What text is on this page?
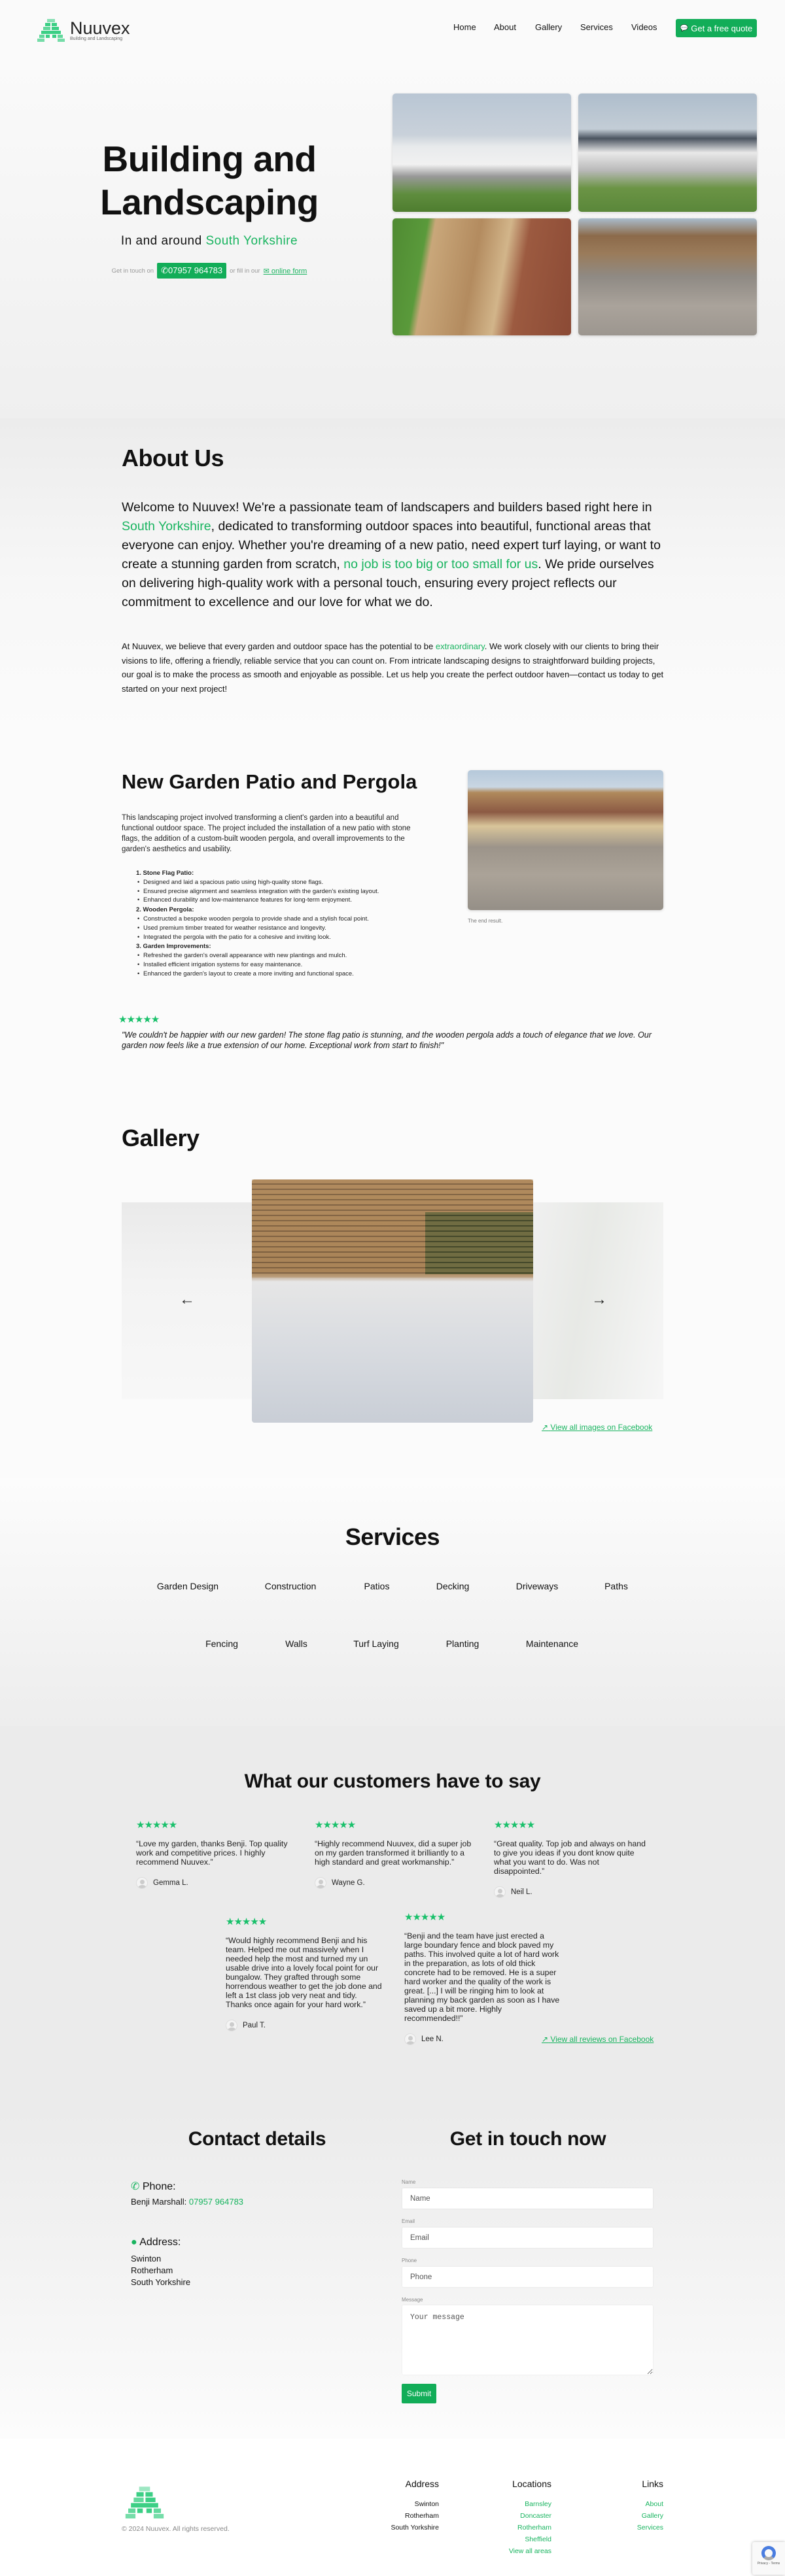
Nuuvex
Building and Landscaping
Home About Gallery Services Videos	💬 Get a free quote
Building and
Landscaping
In and around South Yorkshire
Get in touch on ✆07957 964783	or fill in our ✉ online form
About Us

Welcome to Nuuvex! We're a passionate team of landscapers and builders based right here in South Yorkshire, dedicated to transforming outdoor spaces into beautiful, functional areas that everyone can enjoy. Whether you're dreaming of a new patio, need expert turf laying, or want to create a stunning garden from scratch, no job is too big or too small for us. We pride ourselves on delivering high-quality work with a personal touch, ensuring every project reflects our commitment to excellence and our love for what we do.

At Nuuvex, we believe that every garden and outdoor space has the potential to be extraordinary. We work closely with our clients to bring their visions to life, offering a friendly, reliable service that you can count on. From intricate landscaping designs to straightforward building projects, our goal is to make the process as smooth and enjoyable as possible. Let us help you create the perfect outdoor haven—contact us today to get started on your next project!

New Garden Patio and Pergola

This landscaping project involved transforming a client's garden into a beautiful and functional outdoor space. The project included the installation of a new patio with stone flags, the addition of a custom-built wooden pergola, and overall improvements to the garden's aesthetics and usability.

1. Stone Flag Patio:
• Designed and laid a spacious patio using high-quality stone flags.
• Ensured precise alignment and seamless integration with the garden's existing layout.
• Enhanced durability and low-maintenance features for long-term enjoyment.
2. Wooden Pergola:
• Constructed a bespoke wooden pergola to provide shade and a stylish focal point.
• Used premium timber treated for weather resistance and longevity.
• Integrated the pergola with the patio for a cohesive and inviting look.
3. Garden Improvements:
• Refreshed the garden's overall appearance with new plantings and mulch.
• Installed efficient irrigation systems for easy maintenance.
• Enhanced the garden's layout to create a more inviting and functional space.
The end result.
★★★★★

"We couldn't be happier with our new garden! The stone flag patio is stunning, and the wooden pergola adds a touch of elegance that we love. Our garden now feels like a true extension of our home. Exceptional work from start to finish!"

Gallery
←	→
↗ View all images on Facebook
Services
Garden Design	Construction	Patios	Decking	Driveways	Paths
Fencing	Walls	Turf Laying	Planting	Maintenance
What our customers have to say
★★★★★

“Love my garden, thanks Benji. Top quality work and competitive prices. I highly recommend Nuuvex.”

Gemma L.
★★★★★

“Highly recommend Nuuvex, did a super job on my garden transformed it brilliantly to a high standard and great workmanship.”

Wayne G.
★★★★★

“Great quality. Top job and always on hand to give you ideas if you dont know quite what you want to do. Was not disappointed.”

Neil L.
★★★★★

“Would highly recommend Benji and his team. Helped me out massively when I needed help the most and turned my un usable drive into a lovely focal point for our bungalow. They grafted through some horrendous weather to get the job done and left a 1st class job very neat and tidy. Thanks once again for your hard work.”

Paul T.
★★★★★

“Benji and the team have just erected a large boundary fence and block paved my paths. This involved quite a lot of hard work in the preparation, as lots of old thick concrete had to be removed. He is a super hard worker and the quality of the work is great. [...] I will be ringing him to look at planning my back garden as soon as I have saved up a bit more. Highly recommended!!”

Lee N.	↗ View all reviews on Facebook
Contact details
✆ Phone:
Benji Marshall: 07957 964783
● Address:
Swinton
Rotherham
South Yorkshire
Get in touch now
Name
Name
Email
Email
Phone
Phone
Message
Your message
Submit
© 2024 Nuuvex. All rights reserved.
Address
Swinton
Rotherham
South Yorkshire
Locations
Barnsley
Doncaster
Rotherham
Sheffield
View all areas
Links
About
Gallery
Services
Privacy - Terms
